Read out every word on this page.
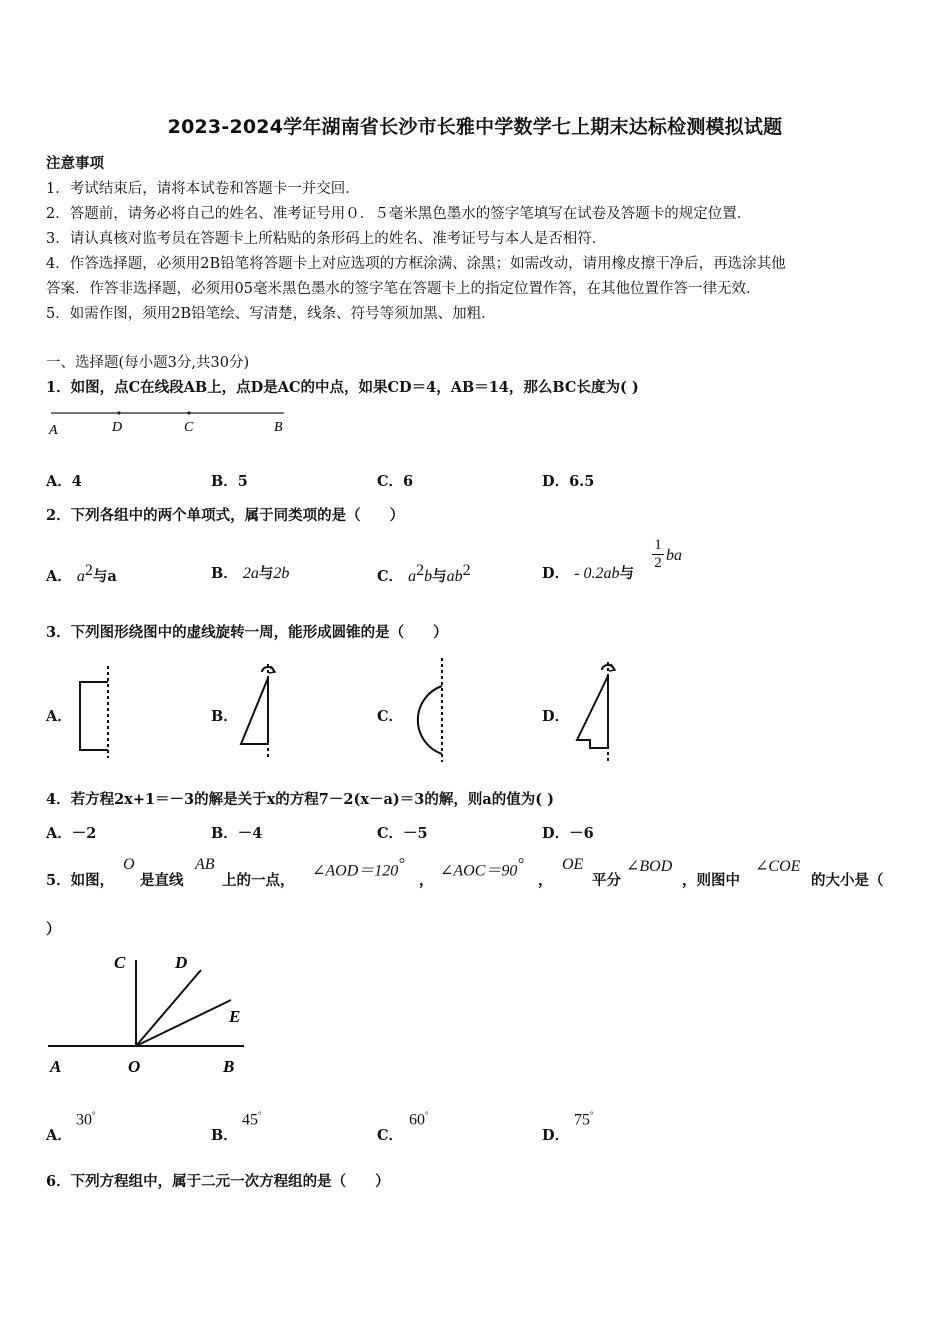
2023-2024学年湖南省长沙市长雅中学数学七上期末达标检测模拟试题
注意事项
1．考试结束后，请将本试卷和答题卡一并交回．
2．答题前，请务必将自己的姓名、准考证号用０．５毫米黑色墨水的签字笔填写在试卷及答题卡的规定位置．
3．请认真核对监考员在答题卡上所粘贴的条形码上的姓名、准考证号与本人是否相符．
4．作答选择题，必须用2B铅笔将答题卡上对应选项的方框涂满、涂黑；如需改动，请用橡皮擦干净后，再选涂其他
答案．作答非选择题，必须用05毫米黑色墨水的签字笔在答题卡上的指定位置作答，在其他位置作答一律无效．
5．如需作图，须用2B铅笔绘、写清楚，线条、符号等须加黑、加粗．
一、选择题(每小题3分,共30分)
1．如图，点C在线段AB上，点D是AC的中点，如果CD＝4，AB＝14，那么BC长度为( )
A	D	C	B
A．4	B．5	C．6	D．6.5
2．下列各组中的两个单项式，属于同类项的是（　　）
A． $a^2$与a	B． 2a与2b	C． $a^2b$与$ab^2$	D． - 0.2ab与
1
2 ba
3．下列图形绕图中的虚线旋转一周，能形成圆锥的是（　　）
A．	B．	C．	D．
4．若方程2x+1＝－3的解是关于x的方程7－2(x－a)＝3的解，则a的值为( )
A．－2	B．－4	C．－5	D．－6
5．如图，
O
是直线
AB
上的一点，
∠AOD＝120°
，
∠AOC＝90°
，
OE
平分
∠BOD
，则图中
∠COE
的大小是（
）
C	D
E
A	O	B
A．
30°
B．
45°
C．
60°
D．
75°
6．下列方程组中，属于二元一次方程组的是（　　）
